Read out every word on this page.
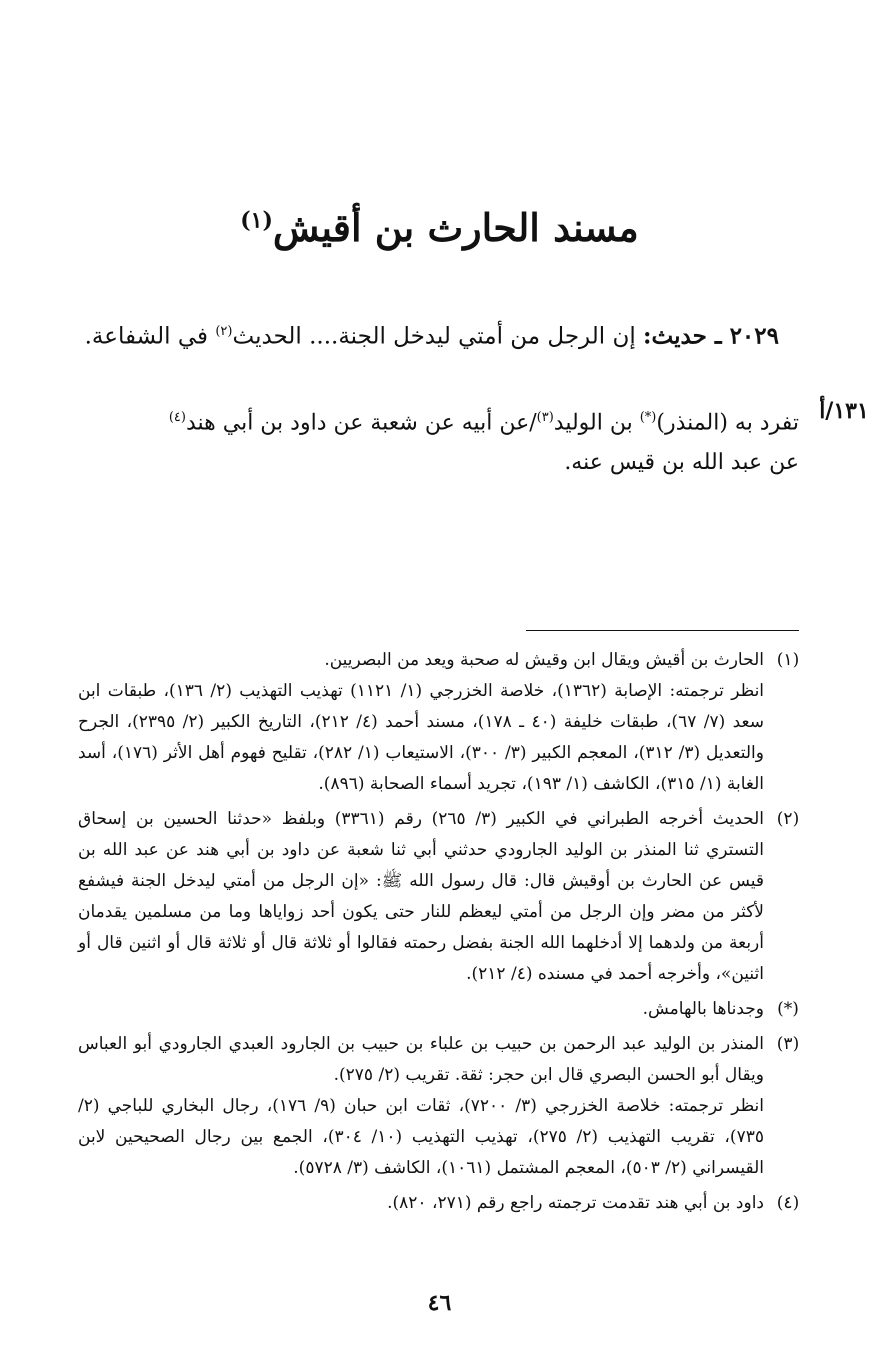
مسند الحارث بن أقيش$^{(١)}$
٢٠٢٩ ـ حديث: إن الرجل من أمتي ليدخل الجنة.... الحديث$^{(٢)}$ في الشفاعة.
١٣١/أ

تفرد به (المنذر)(*) بن الوليد$^{(٣)}$/عن أبيه عن شعبة عن داود بن أبي هند$^{(٤)}$

عن عبد الله بن قيس عنه.

(١)

الحارث بن أقيش ويقال ابن وقيش له صحبة ويعد من البصريين.

انظر ترجمته: الإصابة (١٣٦٢)، خلاصة الخزرجي (١/ ١١٢١) تهذيب التهذيب (٢/ ١٣٦)، طبقات ابن سعد (٧/ ٦٧)، طبقات خليفة (٤٠ ـ ١٧٨)، مسند أحمد (٤/ ٢١٢)، التاريخ الكبير (٢/ ٢٣٩٥)، الجرح والتعديل (٣/ ٣١٢)، المعجم الكبير (٣/ ٣٠٠)، الاستيعاب (١/ ٢٨٢)، تقليح فهوم أهل الأثر (١٧٦)، أسد الغابة (١/ ٣١٥)، الكاشف (١/ ١٩٣)، تجريد أسماء الصحابة (٨٩٦).

(٢)

الحديث أخرجه الطبراني في الكبير (٣/ ٢٦٥) رقم (٣٣٦١) وبلفظ «حدثنا الحسين بن إسحاق التستري ثنا المنذر بن الوليد الجارودي حدثني أبي ثنا شعبة عن داود بن أبي هند عن عبد الله بن قيس عن الحارث بن أوقيش قال: قال رسول الله ﷺ: «إن الرجل من أمتي ليدخل الجنة فيشفع لأكثر من مضر وإن الرجل من أمتي ليعظم للنار حتى يكون أحد زواياها وما من مسلمين يقدمان أربعة من ولدهما إلا أدخلهما الله الجنة بفضل رحمته فقالوا أو ثلاثة قال أو ثلاثة قال أو اثنين قال أو اثنين»، وأخرجه أحمد في مسنده (٤/ ٢١٢).

(*)

وجدناها بالهامش.

(٣)

المنذر بن الوليد عبد الرحمن بن حبيب بن علباء بن حبيب بن الجارود العبدي الجارودي أبو العباس ويقال أبو الحسن البصري قال ابن حجر: ثقة. تقريب (٢/ ٢٧٥).

انظر ترجمته: خلاصة الخزرجي (٣/ ٧٢٠٠)، ثقات ابن حبان (٩/ ١٧٦)، رجال البخاري للباجي (٢/ ٧٣٥)، تقريب التهذيب (٢/ ٢٧٥)، تهذيب التهذيب (١٠/ ٣٠٤)، الجمع بين رجال الصحيحين لابن القيسراني (٢/ ٥٠٣)، المعجم المشتمل (١٠٦١)، الكاشف (٣/ ٥٧٢٨).

(٤)

داود بن أبي هند تقدمت ترجمته راجع رقم (٢٧١، ٨٢٠).

٤٦
